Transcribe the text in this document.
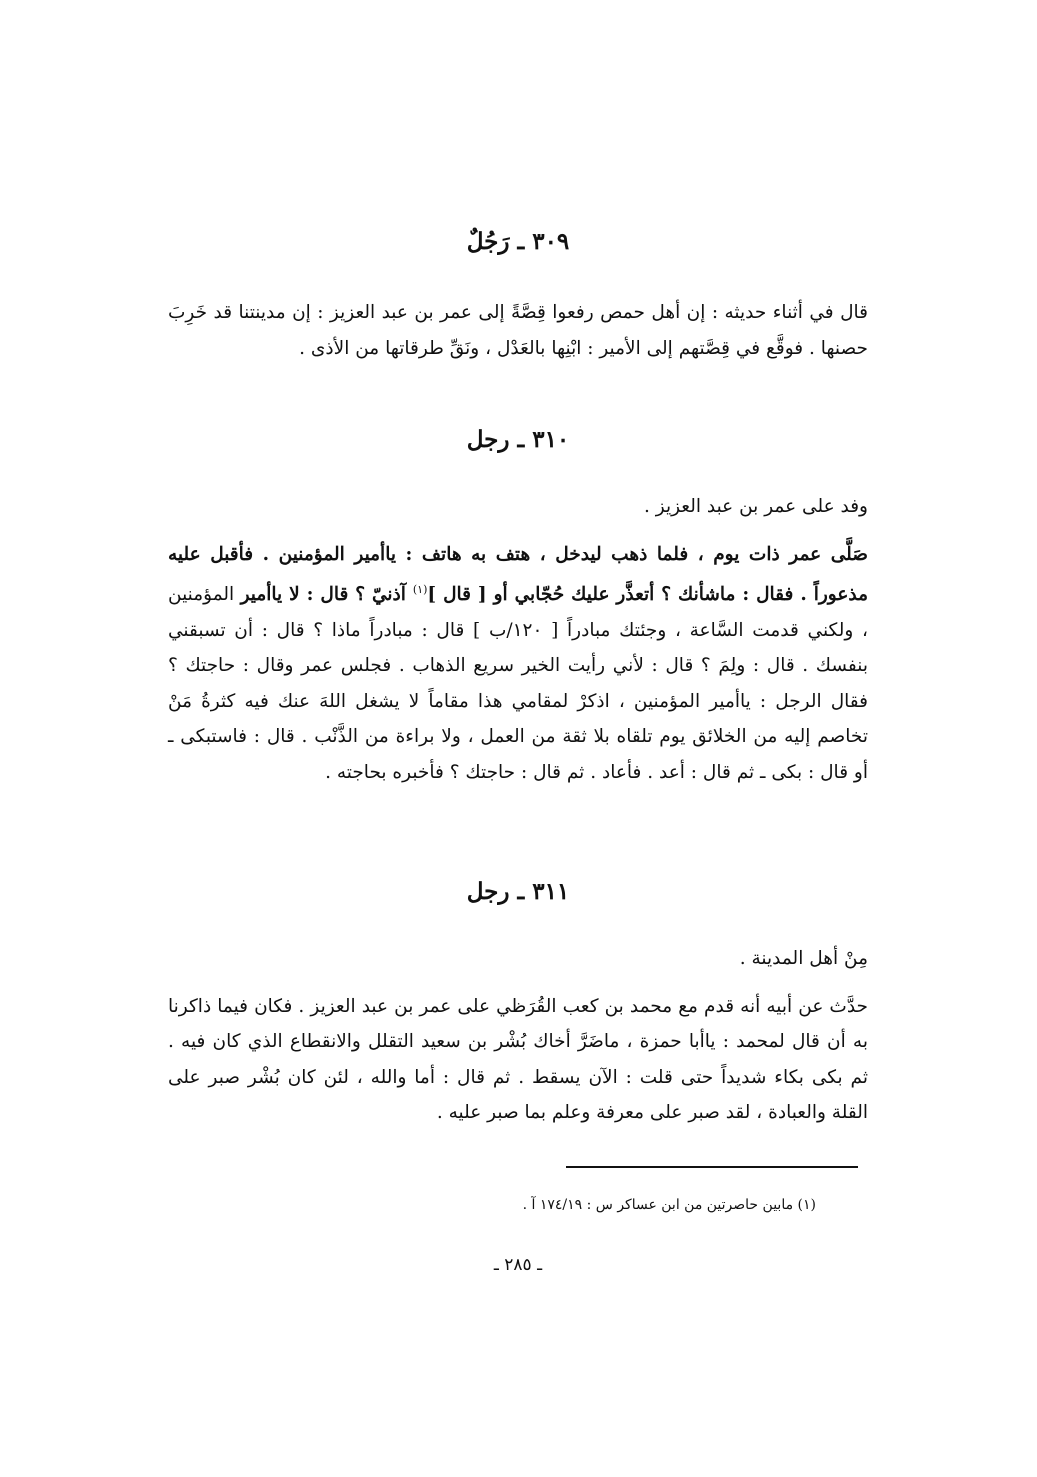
٣٠٩ ـ رَجُلٌ

قال في أثناء حديثه : إن أهل حمص رفعوا قِصَّةً إلى عمر بن عبد العزيز : إن مدينتنا قد خَرِبَ حصنها . فوقَّع في قِصَّتهم إلى الأمير : ابْنِها بالعَدْل ، ونَقِّ طرقاتها من الأذى .

٣١٠ ـ رجل

وفد على عمر بن عبد العزيز .

صَلَّى عمر ذات يوم ، فلما ذهب ليدخل ، هتف به هاتف : ياأمير المؤمنين . فأقبل عليه مذعوراً . فقال : ماشأنك ؟ أتعذَّر عليك حُجّابي أو [ قال ]$^{(١)}$ آذنيّ ؟ قال : لا ياأمير المؤمنين ، ولكني قدمت السَّاعة ، وجئتك مبادراً [ ١٢٠/ب ] قال : مبادراً ماذا ؟ قال : أن تسبقني بنفسك . قال : ولِمَ ؟ قال : لأني رأيت الخير سريع الذهاب . فجلس عمر وقال : حاجتك ؟ فقال الرجل : ياأمير المؤمنين ، اذكرْ لمقامي هذا مقاماً لا يشغل اللهَ عنك فيه كثرةُ مَنْ تخاصم إليه من الخلائق يوم تلقاه بلا ثقة من العمل ، ولا براءة من الذَّنْب . قال : فاستبكى ـ أو قال : بكى ـ ثم قال : أعد . فأعاد . ثم قال : حاجتك ؟ فأخبره بحاجته .

٣١١ ـ رجل

مِنْ أهل المدينة .

حدَّث عن أبيه أنه قدم مع محمد بن كعب القُرَظي على عمر بن عبد العزيز . فكان فيما ذاكرنا به أن قال لمحمد : ياأبا حمزة ، ماضَرَّ أخاك بُشْر بن سعيد التقلل والانقطاع الذي كان فيه . ثم بكى بكاء شديداً حتى قلت : الآن يسقط . ثم قال : أما والله ، لئن كان بُشْر صبر على القلة والعبادة ، لقد صبر على معرفة وعلم بما صبر عليه .

(١) مابين حاصرتين من ابن عساكر س : ١٧٤/١٩ آ .
ـ ٢٨٥ ـ
